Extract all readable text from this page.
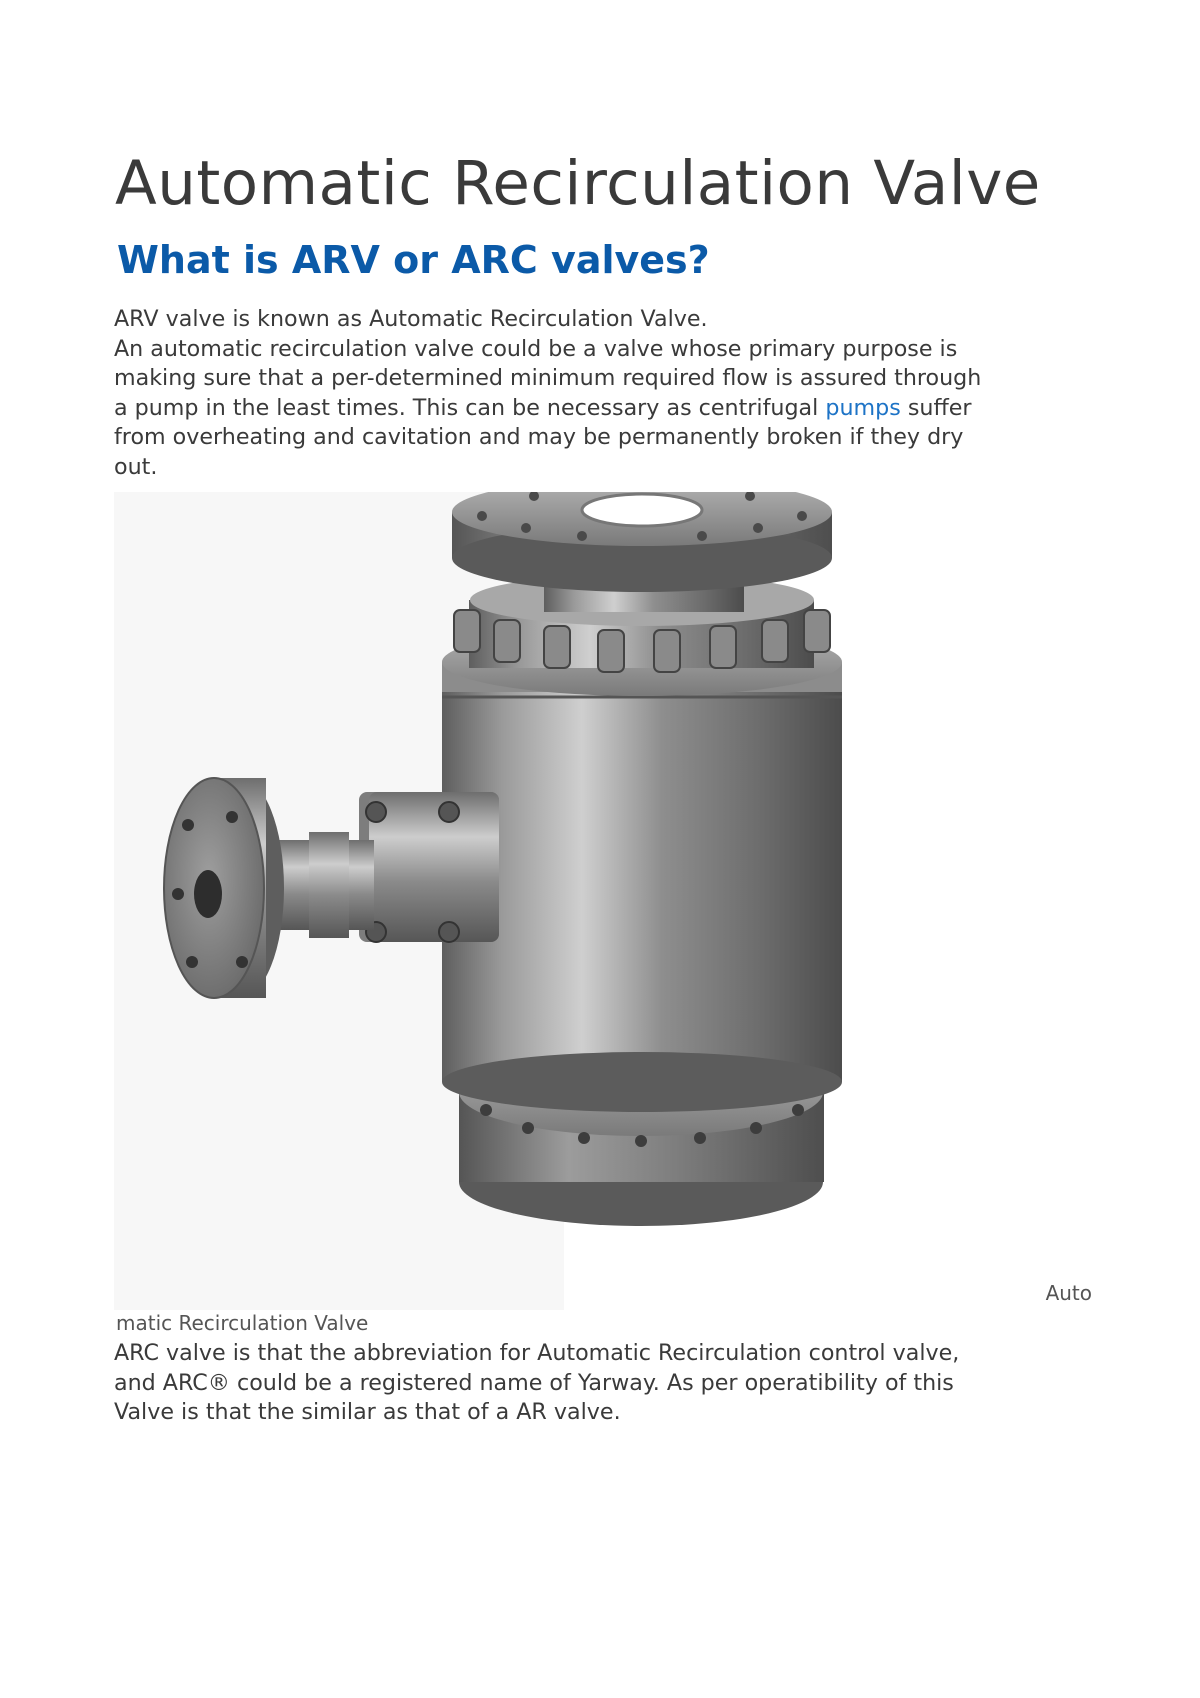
Automatic Recirculation Valve
What is ARV or ARC valves?

ARV valve is known as Automatic Recirculation Valve.
An automatic recirculation valve could be a valve whose primary purpose is
making sure that a per-determined minimum required flow is assured through
a pump in the least times. This can be necessary as centrifugal pumps suffer
from overheating and cavitation and may be permanently broken if they dry
out.

Auto
matic Recirculation Valve

ARC valve is that the abbreviation for Automatic Recirculation control valve,
and ARC® could be a registered name of Yarway. As per operatibility of this
Valve is that the similar as that of a AR valve.
